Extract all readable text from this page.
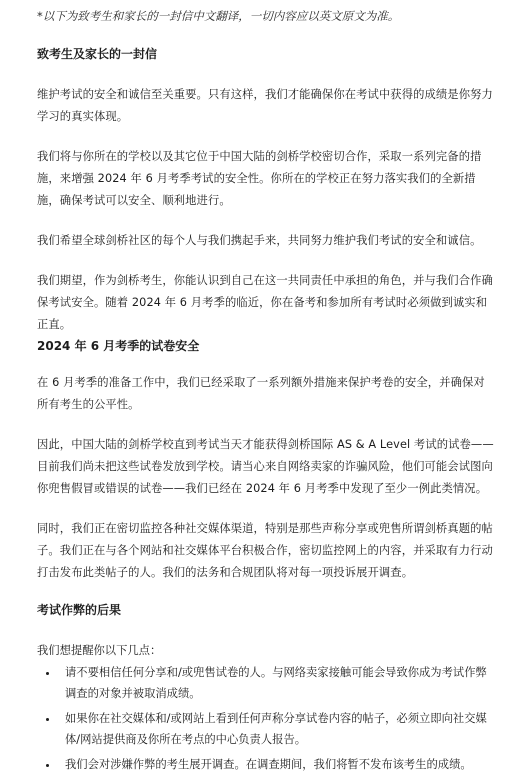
*以下为致考生和家长的一封信中文翻译，一切内容应以英文原文为准。
致考生及家长的一封信

维护考试的安全和诚信至关重要。只有这样，我们才能确保你在考试中获得的成绩是你努力学习的真实体现。

我们将与你所在的学校以及其它位于中国大陆的剑桥学校密切合作，采取一系列完备的措施，来增强 2024 年 6 月考季考试的安全性。你所在的学校正在努力落实我们的全新措施，确保考试可以安全、顺利地进行。

我们希望全球剑桥社区的每个人与我们携起手来，共同努力维护我们考试的安全和诚信。

我们期望，作为剑桥考生，你能认识到自己在这一共同责任中承担的角色，并与我们合作确保考试安全。随着 2024 年 6 月考季的临近，你在备考和参加所有考试时必须做到诚实和正直。

2024 年 6 月考季的试卷安全

在 6 月考季的准备工作中，我们已经采取了一系列额外措施来保护考卷的安全，并确保对所有考生的公平性。

因此，中国大陆的剑桥学校直到考试当天才能获得剑桥国际 AS & A Level 考试的试卷——目前我们尚未把这些试卷发放到学校。请当心来自网络卖家的诈骗风险，他们可能会试图向你兜售假冒或错误的试卷——我们已经在 2024 年 6 月考季中发现了至少一例此类情况。

同时，我们正在密切监控各种社交媒体渠道，特别是那些声称分享或兜售所谓剑桥真题的帖子。我们正在与各个网站和社交媒体平台积极合作，密切监控网上的内容，并采取有力行动打击发布此类帖子的人。我们的法务和合规团队将对每一项投诉展开调查。

考试作弊的后果

我们想提醒你以下几点：

• 请不要相信任何分享和/或兜售试卷的人。与网络卖家接触可能会导致你成为考试作弊调查的对象并被取消成绩。
• 如果你在社交媒体和/或网站上看到任何声称分享试卷内容的帖子，必须立即向社交媒体/网站提供商及你所在考点的中心负责人报告。
• 我们会对涉嫌作弊的考生展开调查。在调查期间，我们将暂不发布该考生的成绩。
